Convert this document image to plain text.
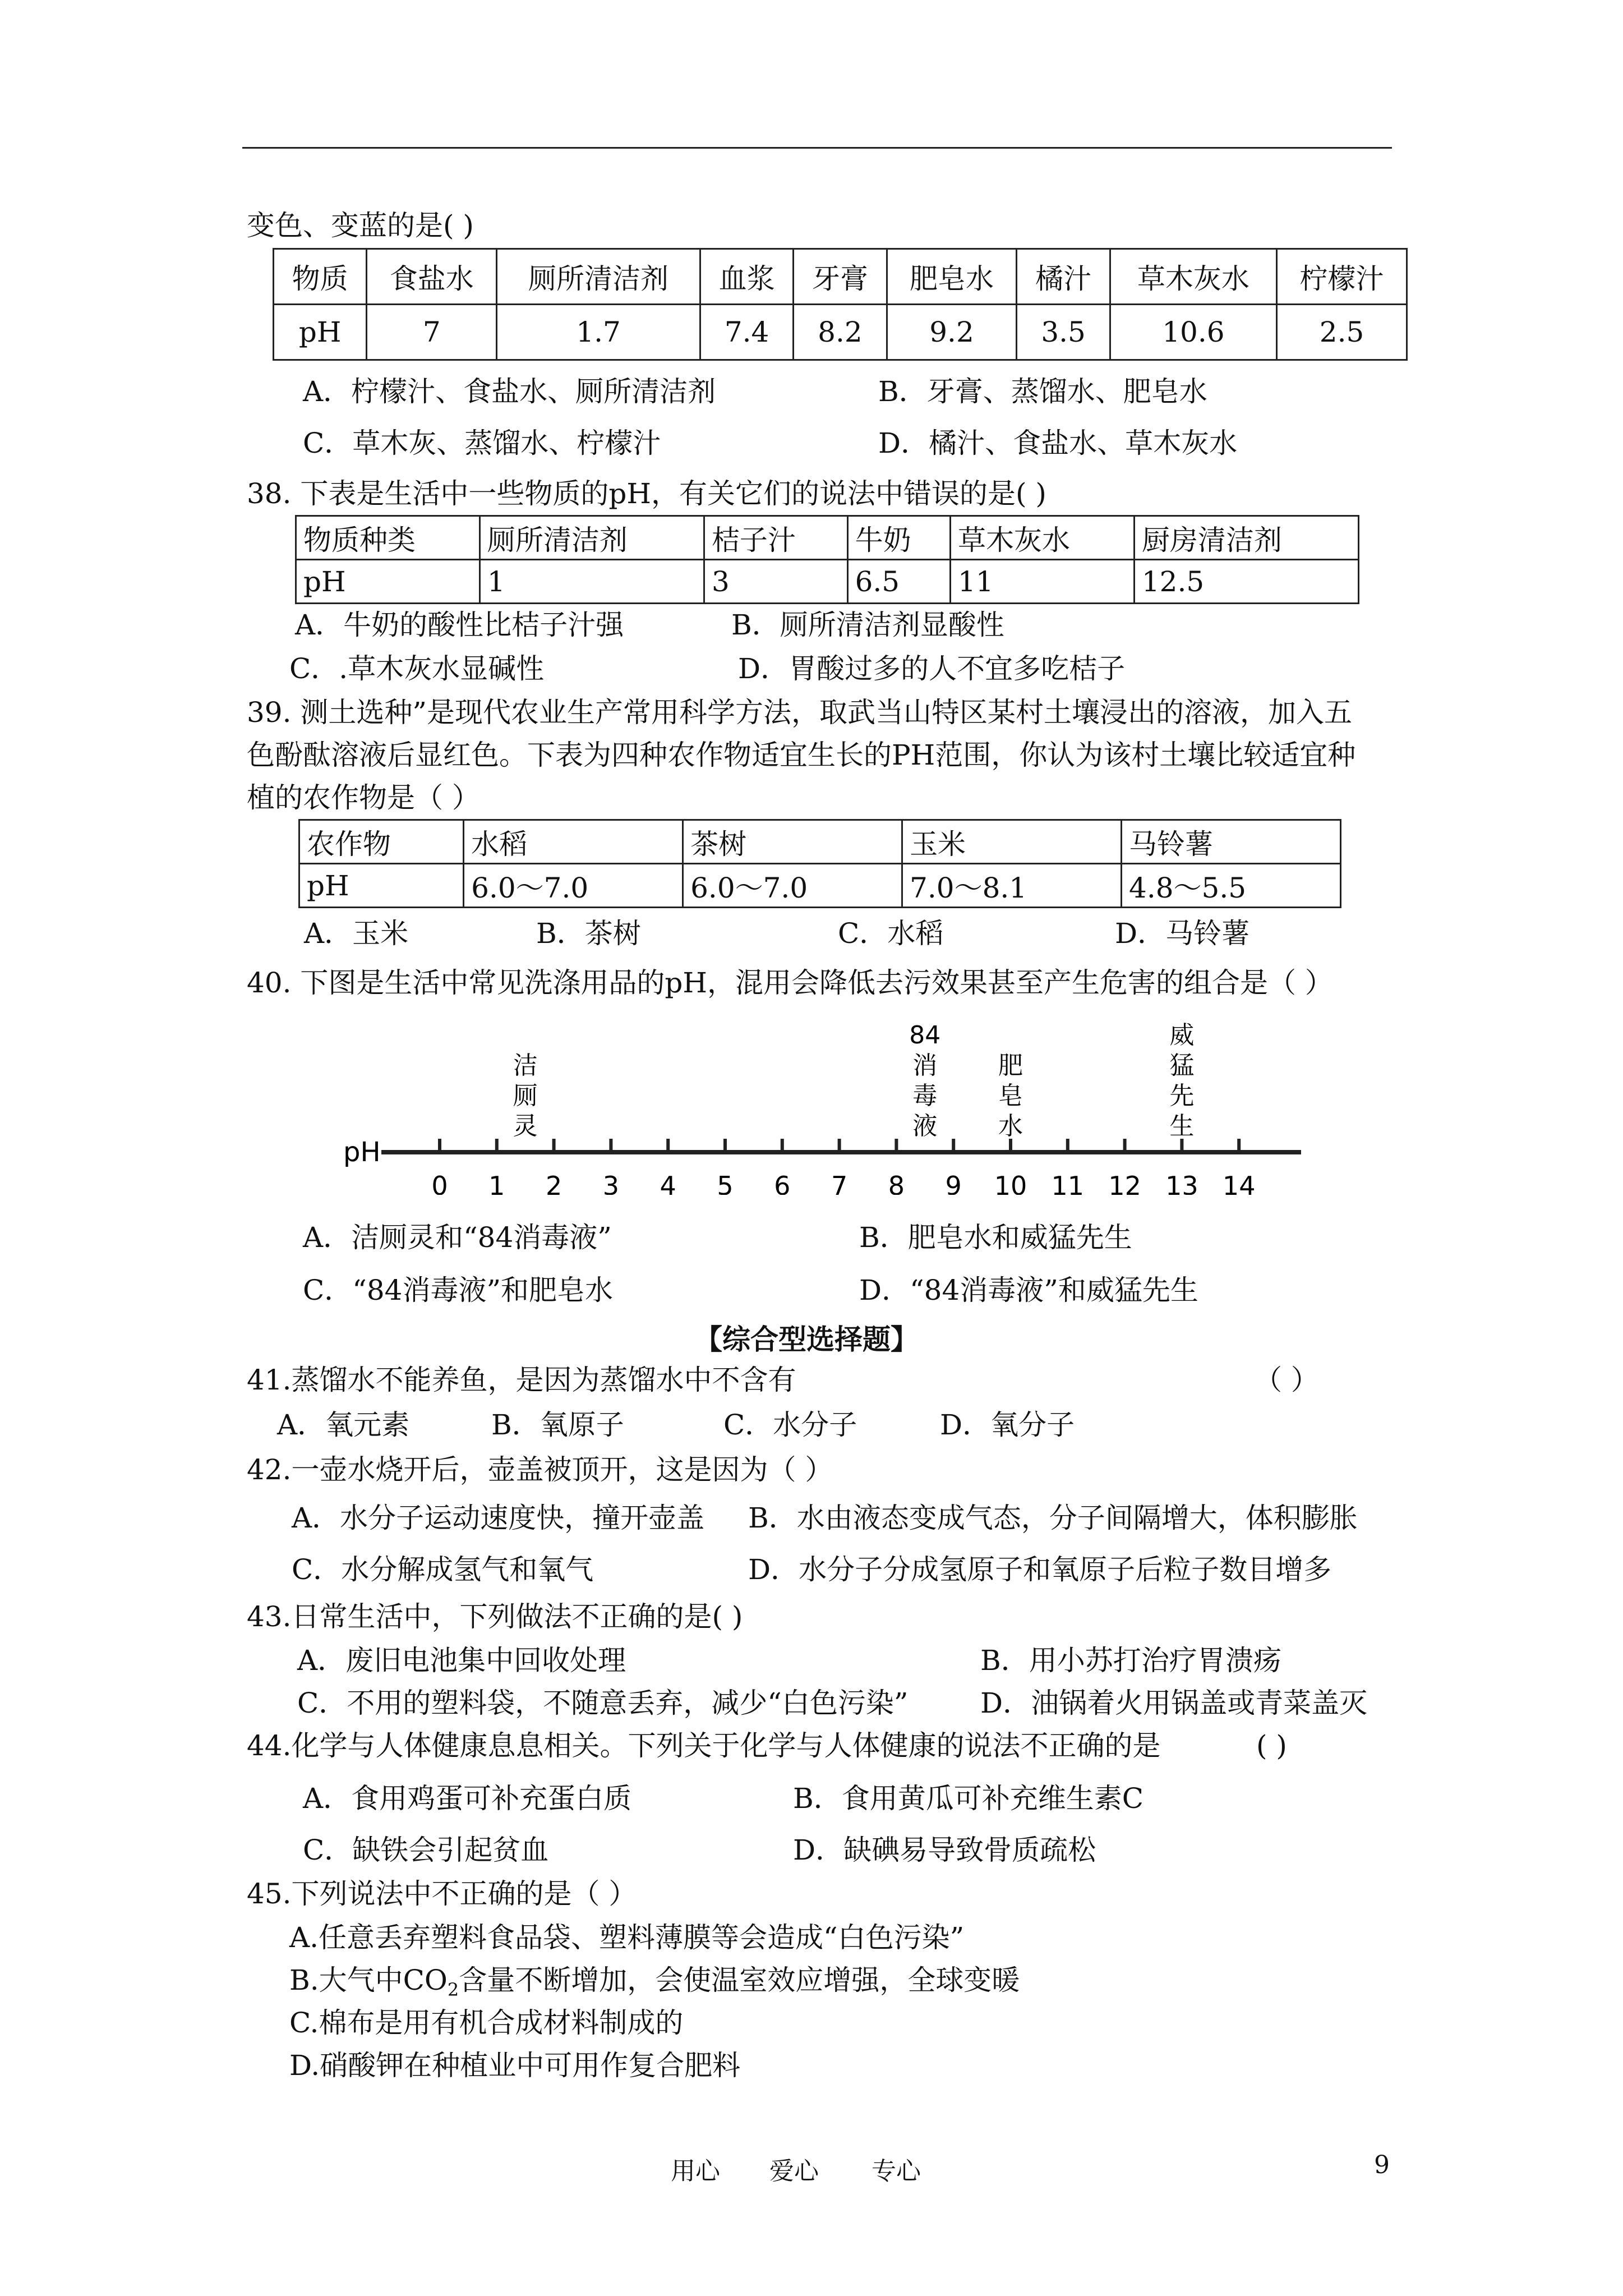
变色、变蓝的是( )
物质	食盐水	厕所清洁剂	血浆	牙膏	肥皂水	橘汁	草木灰水	柠檬汁
pH	7	1.7	7.4	8.2	9.2	3.5	10.6	2.5
A．柠檬汁、食盐水、厕所清洁剂	B．牙膏、蒸馏水、肥皂水
C．草木灰、蒸馏水、柠檬汁	D．橘汁、食盐水、草木灰水
38. 下表是生活中一些物质的pH，有关它们的说法中错误的是( )
物质种类	厕所清洁剂	桔子汁	牛奶	草木灰水	厨房清洁剂
pH	1	3	6.5	11	12.5
A．牛奶的酸性比桔子汁强	B．厕所清洁剂显酸性
C．.草木灰水显碱性	D．胃酸过多的人不宜多吃桔子
39. 测土选种”是现代农业生产常用科学方法，取武当山特区某村土壤浸出的溶液，加入五
色酚酞溶液后显红色。下表为四种农作物适宜生长的PH范围，你认为该村土壤比较适宜种
植的农作物是（ ）
农作物	水稻	茶树	玉米	马铃薯
pH	6.0～7.0	6.0～7.0	7.0～8.1	4.8～5.5
A．玉米	B．茶树	C．水稻	D．马铃薯
40. 下图是生活中常见洗涤用品的pH，混用会降低去污效果甚至产生危害的组合是（ ）
pH
0 1 2 3 4 5 6 7 8 9 10 11 12 13 14
洁
厕
灵
84
消
毒
液
肥
皂
水
威
猛
先
生
A．洁厕灵和“84消毒液”	B．肥皂水和威猛先生
C．“84消毒液”和肥皂水	D．“84消毒液”和威猛先生
【综合型选择题】
41.蒸馏水不能养鱼，是因为蒸馏水中不含有	（ ）
A．氧元素	B．氧原子	C．水分子	D．氧分子
42.一壶水烧开后，壶盖被顶开，这是因为（ ）
A．水分子运动速度快，撞开壶盖 B．水由液态变成气态，分子间隔增大，体积膨胀
C．水分解成氢气和氧气	D．水分子分成氢原子和氧原子后粒子数目增多
43.日常生活中，下列做法不正确的是( )
A．废旧电池集中回收处理	B．用小苏打治疗胃溃疡
C．不用的塑料袋，不随意丢弃，减少“白色污染”	D．油锅着火用锅盖或青菜盖灭
44.化学与人体健康息息相关。下列关于化学与人体健康的说法不正确的是	( )
A．食用鸡蛋可补充蛋白质	B．食用黄瓜可补充维生素C
C．缺铁会引起贫血	D．缺碘易导致骨质疏松
45.下列说法中不正确的是（ ）
A.任意丢弃塑料食品袋、塑料薄膜等会造成“白色污染”
B.大气中$CO_2$含量不断增加，会使温室效应增强，全球变暖
C.棉布是用有机合成材料制成的
D.硝酸钾在种植业中可用作复合肥料
用心 爱心 专心	9
